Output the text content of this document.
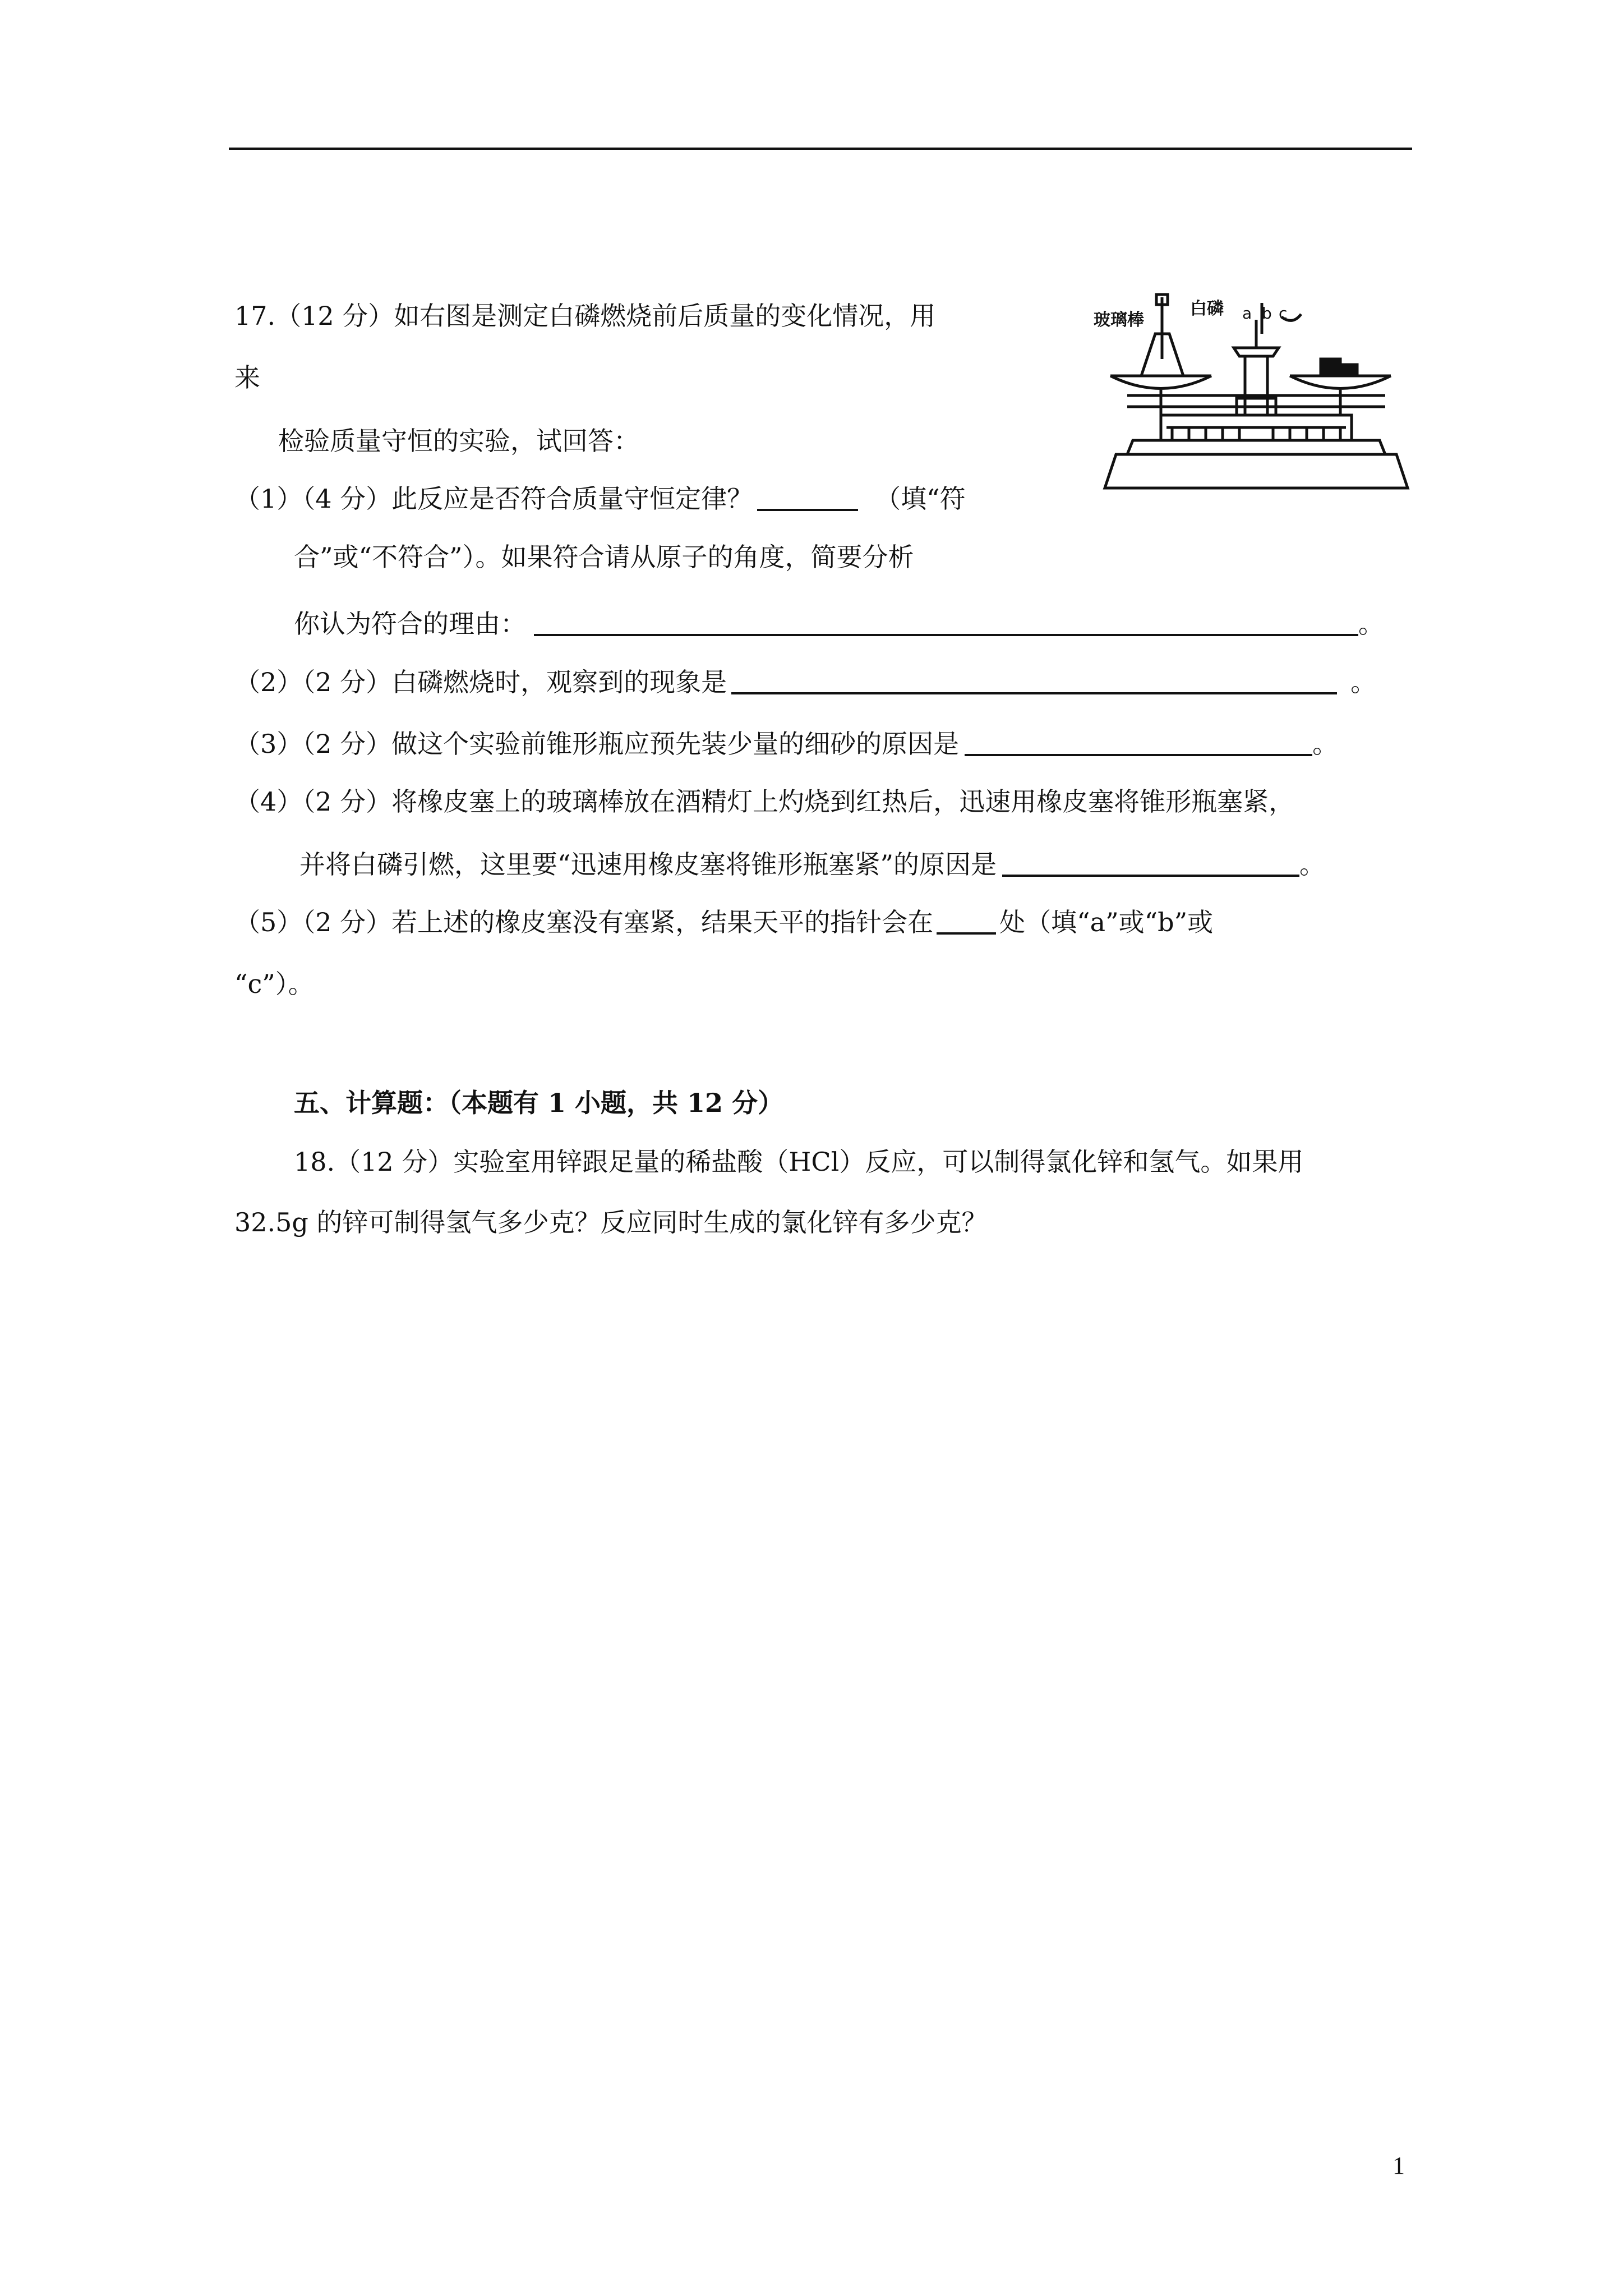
17.（12 分）如右图是测定白磷燃烧前后质量的变化情况，用
来
检验质量守恒的实验，试回答：
（1）（4 分）此反应是否符合质量守恒定律？	（填“符
合”或“不符合”）。如果符合请从原子的角度，简要分析
你认为符合的理由：	。
（2）（2 分）白磷燃烧时，观察到的现象是	。
（3）（2 分）做这个实验前锥形瓶应预先装少量的细砂的原因是	。
（4）（2 分）将橡皮塞上的玻璃棒放在酒精灯上灼烧到红热后，迅速用橡皮塞将锥形瓶塞紧，
并将白磷引燃，这里要“迅速用橡皮塞将锥形瓶塞紧”的原因是	。
（5）（2 分）若上述的橡皮塞没有塞紧，结果天平的指针会在	处（填“a”或“b”或
“c”）。
玻璃棒
白磷 a b c
五、计算题：（本题有 1 小题，共 12 分）
18.（12 分）实验室用锌跟足量的稀盐酸（HCl）反应，可以制得氯化锌和氢气。如果用
32.5g 的锌可制得氢气多少克？反应同时生成的氯化锌有多少克？
1
